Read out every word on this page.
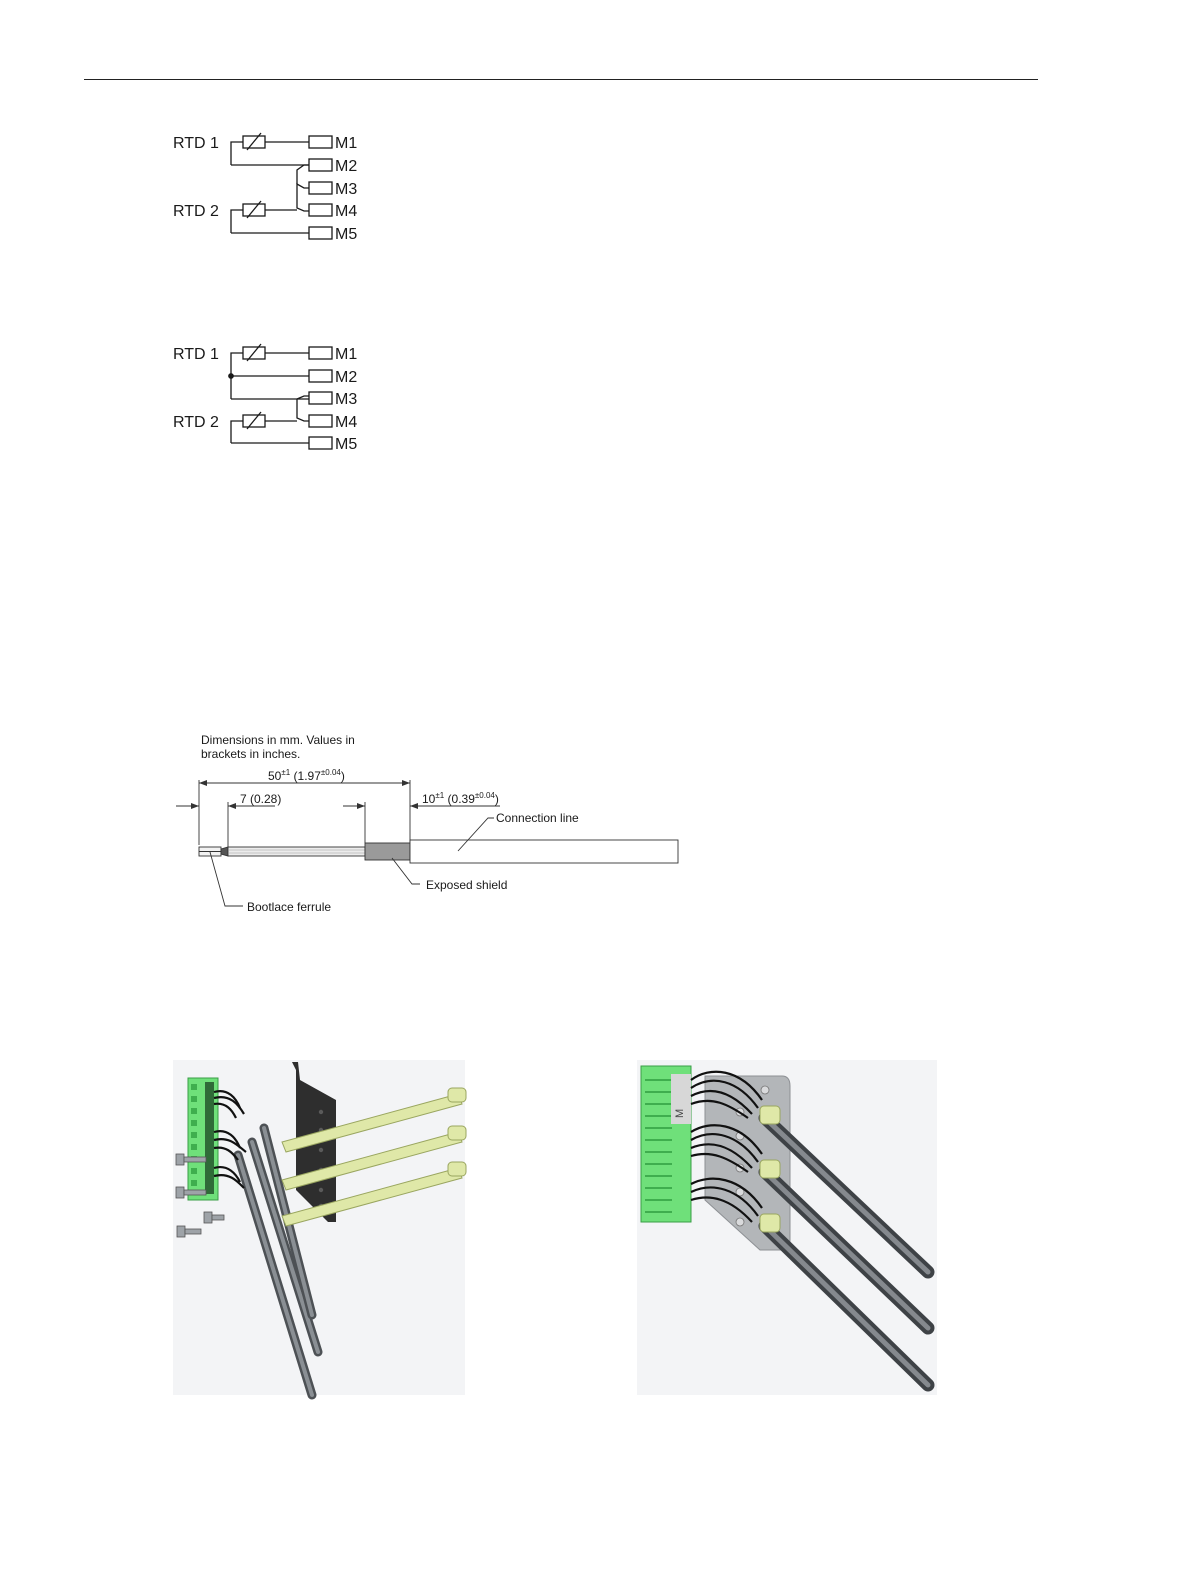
RTD 1
RTD 2
M1
M2
M3
M4
M5
RTD 1
RTD 2
M1
M2
M3
M4
M5
Dimensions in mm. Values in
brackets in inches.
$50^{\pm 1}$ $(1.97^{\pm 0.04})$
7 (0.28)	$10^{\pm 1}$ $(0.39^{\pm 0.04})$
Connection line
Exposed shield
Bootlace ferrule
M
